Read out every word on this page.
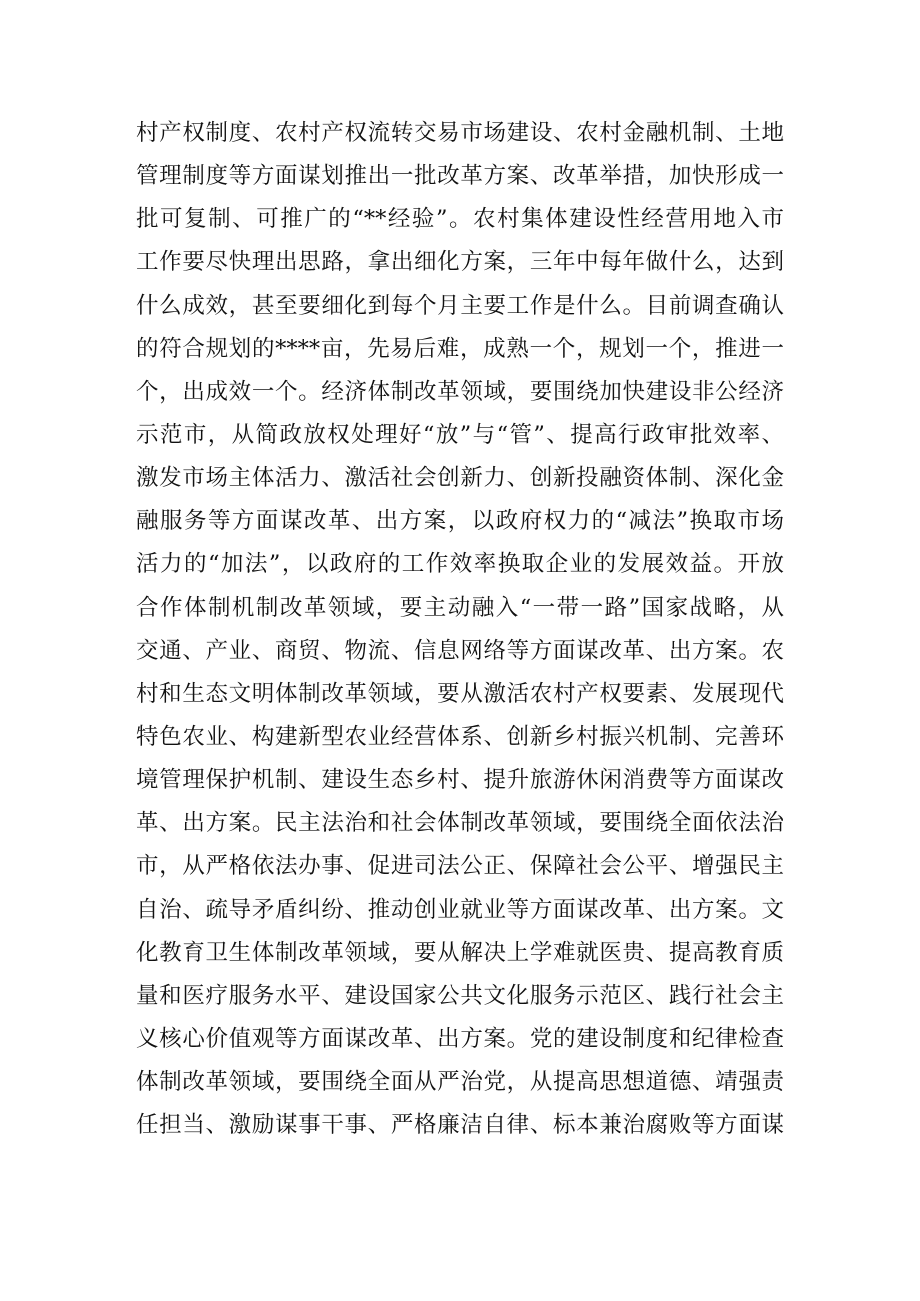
村产权制度、农村产权流转交易市场建设、农村金融机制、土地
管理制度等方面谋划推出一批改革方案、改革举措，加快形成一
批可复制、可推广的“**经验”。农村集体建设性经营用地入市
工作要尽快理出思路，拿出细化方案，三年中每年做什么，达到
什么成效，甚至要细化到每个月主要工作是什么。目前调查确认
的符合规划的****亩，先易后难，成熟一个，规划一个，推进一
个，出成效一个。经济体制改革领域，要围绕加快建设非公经济
示范市，从简政放权处理好“放”与“管”、提高行政审批效率、
激发市场主体活力、激活社会创新力、创新投融资体制、深化金
融服务等方面谋改革、出方案，以政府权力的“减法”换取市场
活力的“加法”，以政府的工作效率换取企业的发展效益。开放
合作体制机制改革领域，要主动融入“一带一路”国家战略，从
交通、产业、商贸、物流、信息网络等方面谋改革、出方案。农
村和生态文明体制改革领域，要从激活农村产权要素、发展现代
特色农业、构建新型农业经营体系、创新乡村振兴机制、完善环
境管理保护机制、建设生态乡村、提升旅游休闲消费等方面谋改
革、出方案。民主法治和社会体制改革领域，要围绕全面依法治
市，从严格依法办事、促进司法公正、保障社会公平、增强民主
自治、疏导矛盾纠纷、推动创业就业等方面谋改革、出方案。文
化教育卫生体制改革领域，要从解决上学难就医贵、提高教育质
量和医疗服务水平、建设国家公共文化服务示范区、践行社会主
义核心价值观等方面谋改革、出方案。党的建设制度和纪律检查
体制改革领域，要围绕全面从严治党，从提高思想道德、靖强责
任担当、激励谋事干事、严格廉洁自律、标本兼治腐败等方面谋
